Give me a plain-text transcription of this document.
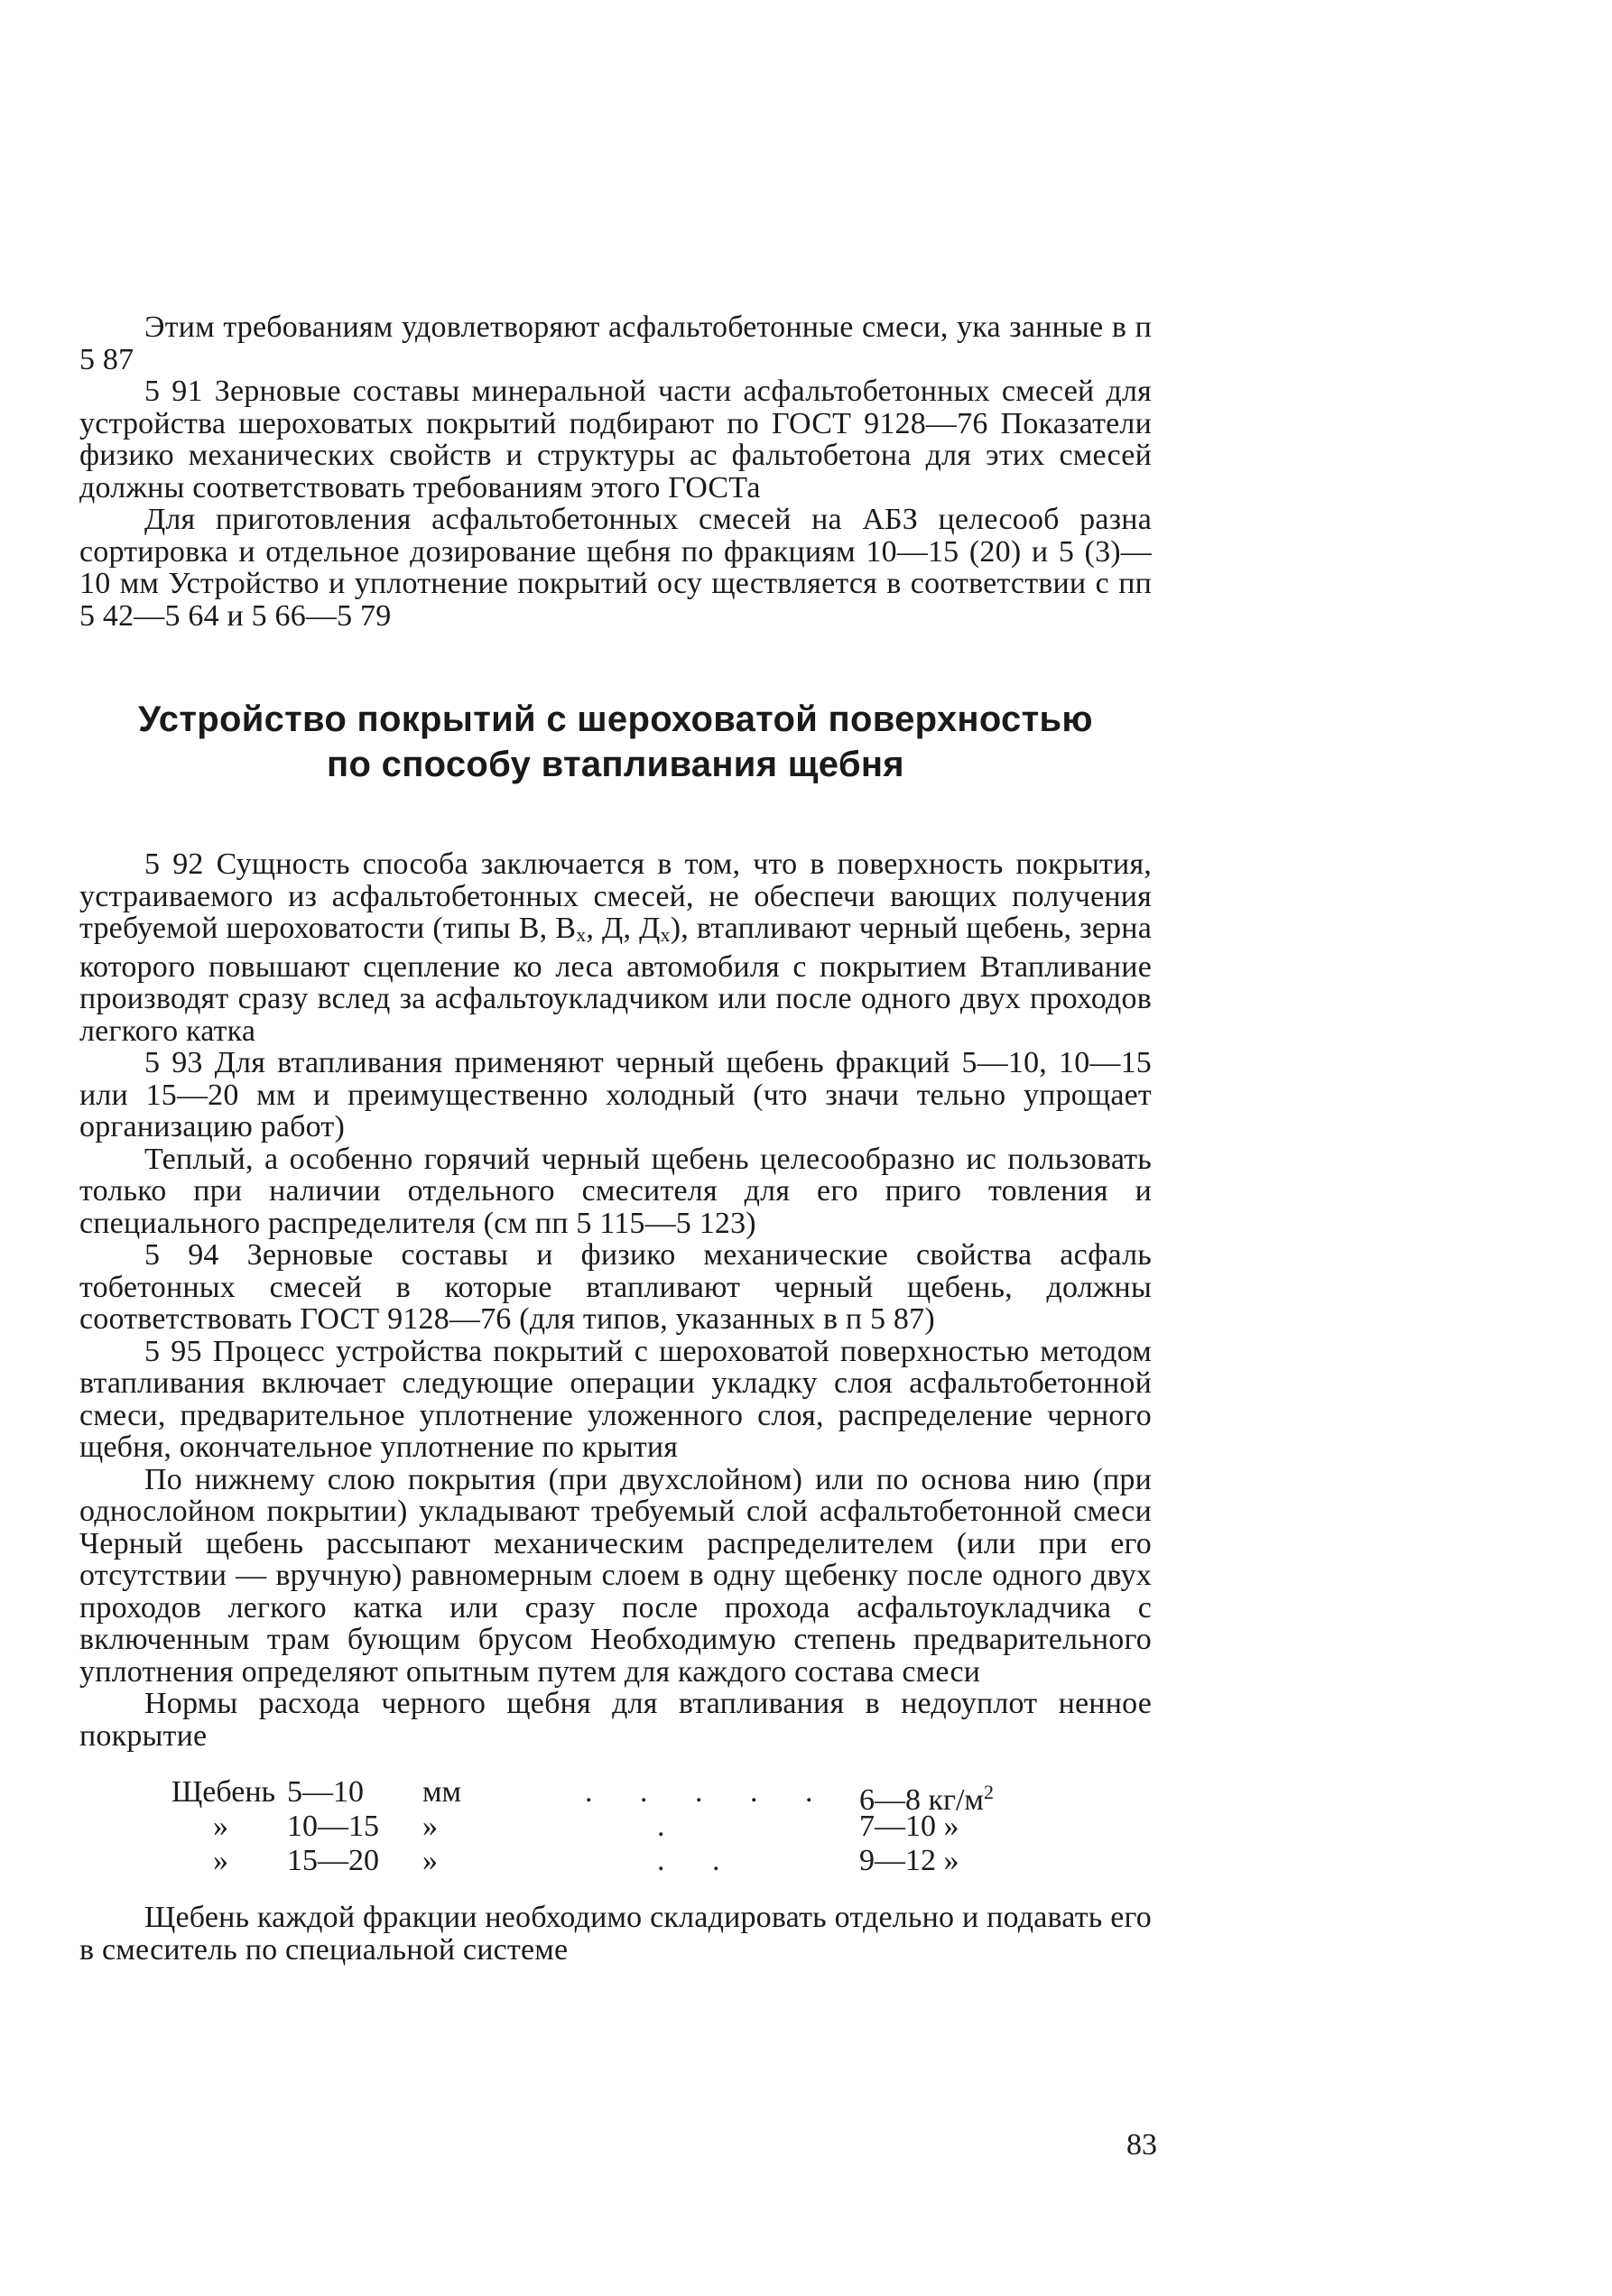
Этим требованиям удовлетворяют асфальтобетонные смеси, ука занные в п 5 87

5 91 Зерновые составы минеральной части асфальтобетонных смесей для устройства шероховатых покрытий подбирают по ГОСТ 9128—76 Показатели физико механических свойств и структуры ас фальтобетона для этих смесей должны соответствовать требованиям этого ГОСТа

Для приготовления асфальтобетонных смесей на АБЗ целесооб разна сортировка и отдельное дозирование щебня по фракциям 10—15 (20) и 5 (3)—10 мм Устройство и уплотнение покрытий осу ществляется в соответствии с пп 5 42—5 64 и 5 66—5 79

Устройство покрытий с шероховатой поверхностью
по способу втапливания щебня

5 92 Сущность способа заключается в том, что в поверхность покрытия, устраиваемого из асфальтобетонных смесей, не обеспечи вающих получения требуемой шероховатости (типы В, $В_х$, Д, $Д_х$), втапливают черный щебень, зерна которого повышают сцепление ко леса автомобиля с покрытием Втапливание производят сразу вслед за асфальтоукладчиком или после одного двух проходов легкого катка

5 93 Для втапливания применяют черный щебень фракций 5—10, 10—15 или 15—20 мм и преимущественно холодный (что значи тельно упрощает организацию работ)

Теплый, а особенно горячий черный щебень целесообразно ис пользовать только при наличии отдельного смесителя для его приго товления и специального распределителя (см пп 5 115—5 123)

5 94 Зерновые составы и физико механические свойства асфаль тобетонных смесей в которые втапливают черный щебень, должны соответствовать ГОСТ 9128—76 (для типов, указанных в п 5 87)

5 95 Процесс устройства покрытий с шероховатой поверхностью методом втапливания включает следующие операции укладку слоя асфальтобетонной смеси, предварительное уплотнение уложенного слоя, распределение черного щебня, окончательное уплотнение по крытия

По нижнему слою покрытия (при двухслойном) или по основа нию (при однослойном покрытии) укладывают требуемый слой асфальтобетонной смеси Черный щебень рассыпают механическим распределителем (или при его отсутствии — вручную) равномерным слоем в одну щебенку после одного двух проходов легкого катка или сразу после прохода асфальтоукладчика с включенным трам бующим брусом Необходимую степень предварительного уплотнения определяют опытным путем для каждого состава смеси

Нормы расхода черного щебня для втапливания в недоуплот ненное покрытие

Щебень 5—10 мм	. . . . . 6—8 $кг/м^2$
» 10—15 »	.	7—10 »
» 15—20 »	. .	9—12 »

Щебень каждой фракции необходимо складировать отдельно и подавать его в смеситель по специальной системе

83
